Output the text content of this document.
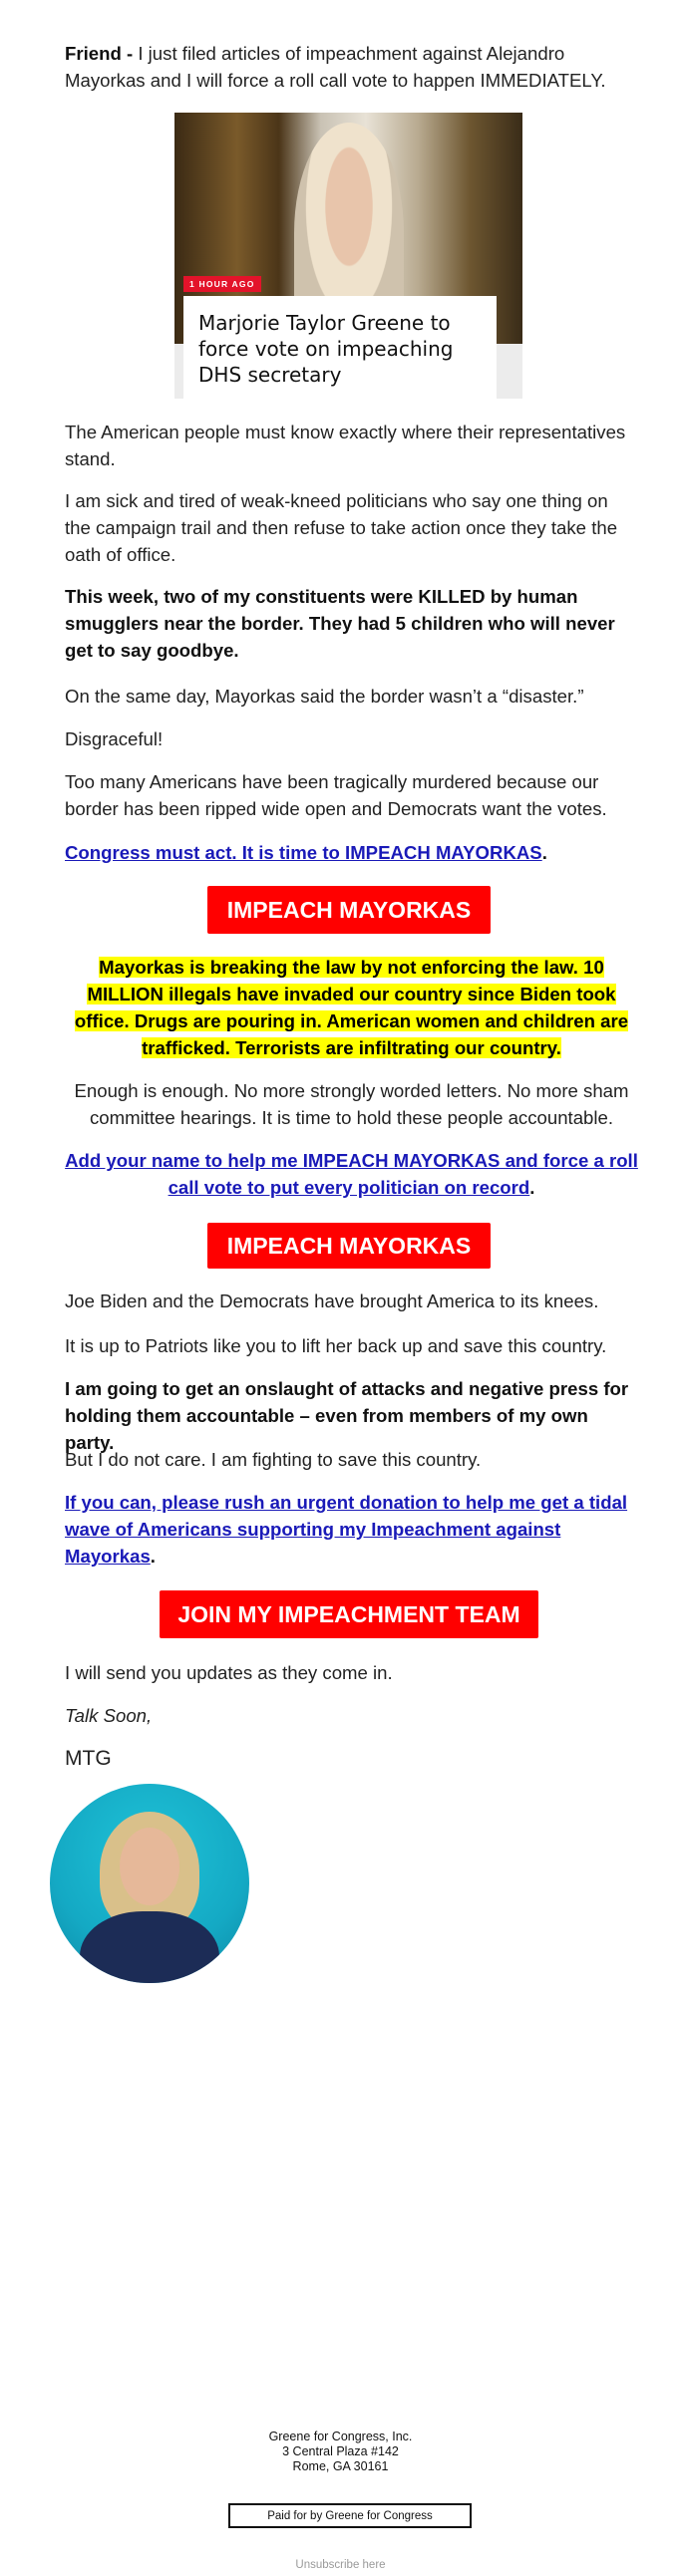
Friend - I just filed articles of impeachment against Alejandro Mayorkas and I will force a roll call vote to happen IMMEDIATELY.

1 HOUR AGO

Marjorie Taylor Greene to force vote on impeaching DHS secretary

The American people must know exactly where their representatives stand.

I am sick and tired of weak-kneed politicians who say one thing on the campaign trail and then refuse to take action once they take the oath of office.

This week, two of my constituents were KILLED by human smugglers near the border. They had 5 children who will never get to say goodbye.

On the same day, Mayorkas said the border wasn’t a “disaster.”

Disgraceful!

Too many Americans have been tragically murdered because our border has been ripped wide open and Democrats want the votes.

Congress must act. It is time to IMPEACH MAYORKAS.

IMPEACH MAYORKAS

Mayorkas is breaking the law by not enforcing the law. 10 MILLION illegals have invaded our country since Biden took office. Drugs are pouring in. American women and children are trafficked. Terrorists are infiltrating our country.

Enough is enough. No more strongly worded letters. No more sham committee hearings. It is time to hold these people accountable.

Add your name to help me IMPEACH MAYORKAS and force a roll call vote to put every politician on record.

IMPEACH MAYORKAS

Joe Biden and the Democrats have brought America to its knees.

It is up to Patriots like you to lift her back up and save this country.

I am going to get an onslaught of attacks and negative press for holding them accountable – even from members of my own party.

But I do not care. I am fighting to save this country.

If you can, please rush an urgent donation to help me get a tidal wave of Americans supporting my Impeachment against Mayorkas.

JOIN MY IMPEACHMENT TEAM

I will send you updates as they come in.

Talk Soon,

MTG

Greene for Congress, Inc.
3 Central Plaza #142
Rome, GA 30161
Paid for by Greene for Congress
Unsubscribe here
